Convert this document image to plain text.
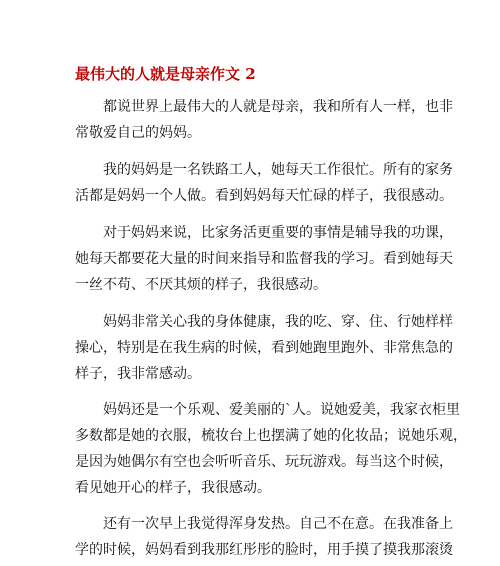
最伟大的人就是母亲作文 2
　　都说世界上最伟大的人就是母亲，我和所有人一样，也非
常敬爱自己的妈妈。
　　我的妈妈是一名铁路工人，她每天工作很忙。所有的家务
活都是妈妈一个人做。看到妈妈每天忙碌的样子，我很感动。
　　对于妈妈来说，比家务活更重要的事情是辅导我的功课，
她每天都要花大量的时间来指导和监督我的学习。看到她每天
一丝不苟、不厌其烦的样子，我很感动。
　　妈妈非常关心我的身体健康，我的吃、穿、住、行她样样
操心，特别是在我生病的时候，看到她跑里跑外、非常焦急的
样子，我非常感动。
　　妈妈还是一个乐观、爱美丽的`人。说她爱美，我家衣柜里
多数都是她的衣服，梳妆台上也摆满了她的化妆品；说她乐观，
是因为她偶尔有空也会听听音乐、玩玩游戏。每当这个时候，
看见她开心的样子，我很感动。
　　还有一次早上我觉得浑身发热。自己不在意。在我准备上
学的时候，妈妈看到我那红彤彤的脸时，用手摸了摸我那滚烫
